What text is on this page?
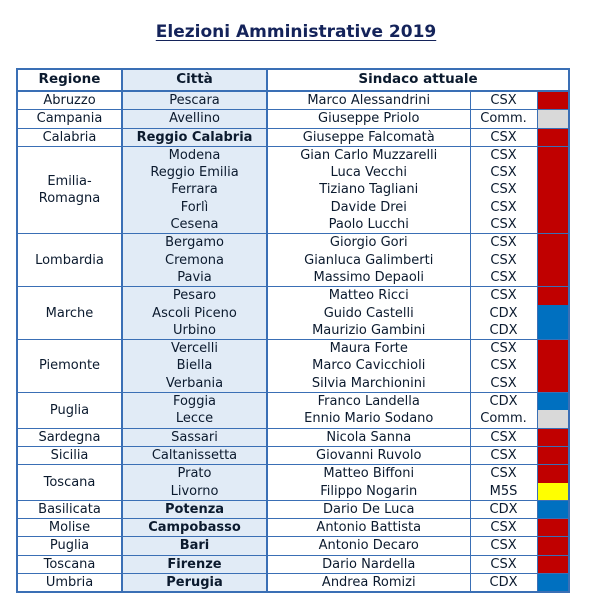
Elezioni Amministrative 2019
Regione	Città	Sindaco attuale		
Abruzzo	Pescara	Marco Alessandrini	CSX	
Campania	Avellino	Giuseppe Priolo	Comm.	
Calabria	Reggio Calabria	Giuseppe Falcomatà	CSX	
Emilia-
Romagna	Modena	Gian Carlo Muzzarelli	CSX	
	Reggio Emilia	Luca Vecchi	CSX	
	Ferrara	Tiziano Tagliani	CSX	
	Forlì	Davide Drei	CSX	
	Cesena	Paolo Lucchi	CSX	
Lombardia	Bergamo	Giorgio Gori	CSX	
	Cremona	Gianluca Galimberti	CSX	
	Pavia	Massimo Depaoli	CSX	
Marche	Pesaro	Matteo Ricci	CSX	
	Ascoli Piceno	Guido Castelli	CDX	
	Urbino	Maurizio Gambini	CDX	
Piemonte	Vercelli	Maura Forte	CSX	
	Biella	Marco Cavicchioli	CSX	
	Verbania	Silvia Marchionini	CSX	
Puglia	Foggia	Franco Landella	CDX	
	Lecce	Ennio Mario Sodano	Comm.	
Sardegna	Sassari	Nicola Sanna	CSX	
Sicilia	Caltanissetta	Giovanni Ruvolo	CSX	
Toscana	Prato	Matteo Biffoni	CSX	
	Livorno	Filippo Nogarin	M5S	
Basilicata	Potenza	Dario De Luca	CDX	
Molise	Campobasso	Antonio Battista	CSX	
Puglia	Bari	Antonio Decaro	CSX	
Toscana	Firenze	Dario Nardella	CSX	
Umbria	Perugia	Andrea Romizi	CDX	
